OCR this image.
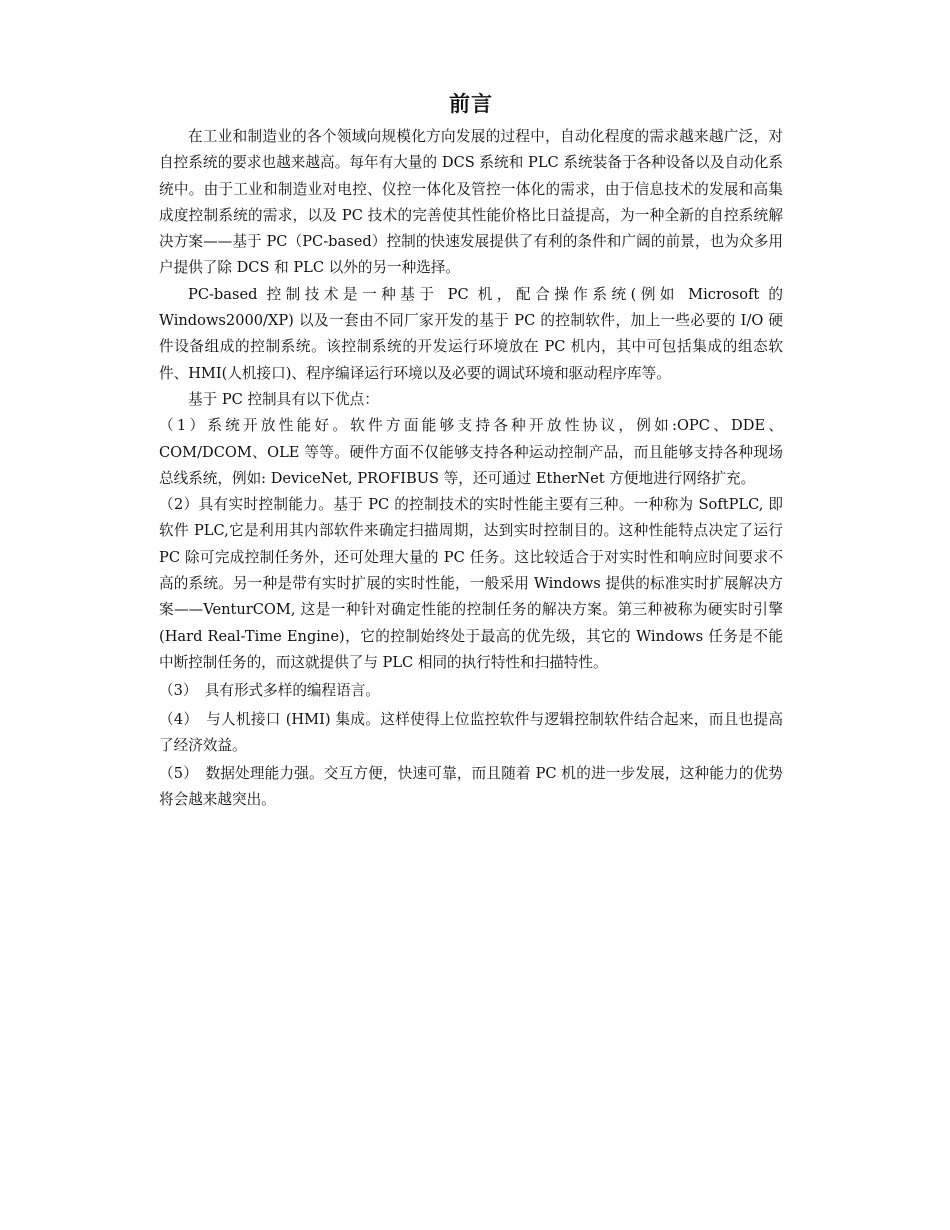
前言

在工业和制造业的各个领域向规模化方向发展的过程中，自动化程度的需求越来越广泛，对自控系统的要求也越来越高。每年有大量的 DCS 系统和 PLC 系统装备于各种设备以及自动化系统中。由于工业和制造业对电控、仪控一体化及管控一体化的需求，由于信息技术的发展和高集成度控制系统的需求，以及 PC 技术的完善使其性能价格比日益提高，为一种全新的自控系统解决方案——基于 PC（PC-based）控制的快速发展提供了有利的条件和广阔的前景，也为众多用户提供了除 DCS 和 PLC 以外的另一种选择。

PC-based 控制技术是一种基于 PC 机，配合操作系统(例如 Microsoft 的 Windows2000/XP) 以及一套由不同厂家开发的基于 PC 的控制软件，加上一些必要的 I/O 硬件设备组成的控制系统。该控制系统的开发运行环境放在 PC 机内，其中可包括集成的组态软件、HMI(人机接口)、程序编译运行环境以及必要的调试环境和驱动程序库等。

基于 PC 控制具有以下优点：

（1）系统开放性能好。软件方面能够支持各种开放性协议，例如:OPC、DDE、COM/DCOM、OLE 等等。硬件方面不仅能够支持各种运动控制产品，而且能够支持各种现场总线系统，例如: DeviceNet, PROFIBUS 等，还可通过 EtherNet 方便地进行网络扩充。

（2）具有实时控制能力。基于 PC 的控制技术的实时性能主要有三种。一种称为 SoftPLC, 即软件 PLC,它是利用其内部软件来确定扫描周期，达到实时控制目的。这种性能特点决定了运行 PC 除可完成控制任务外，还可处理大量的 PC 任务。这比较适合于对实时性和响应时间要求不高的系统。另一种是带有实时扩展的实时性能，一般采用 Windows 提供的标准实时扩展解决方案——VenturCOM, 这是一种针对确定性能的控制任务的解决方案。第三种被称为硬实时引擎(Hard Real-Time Engine)，它的控制始终处于最高的优先级，其它的 Windows 任务是不能中断控制任务的，而这就提供了与 PLC 相同的执行特性和扫描特性。

（3）　具有形式多样的编程语言。

（4）　与人机接口 (HMI) 集成。这样使得上位监控软件与逻辑控制软件结合起来，而且也提高了经济效益。

（5）　数据处理能力强。交互方便，快速可靠，而且随着 PC 机的进一步发展，这种能力的优势将会越来越突出。
